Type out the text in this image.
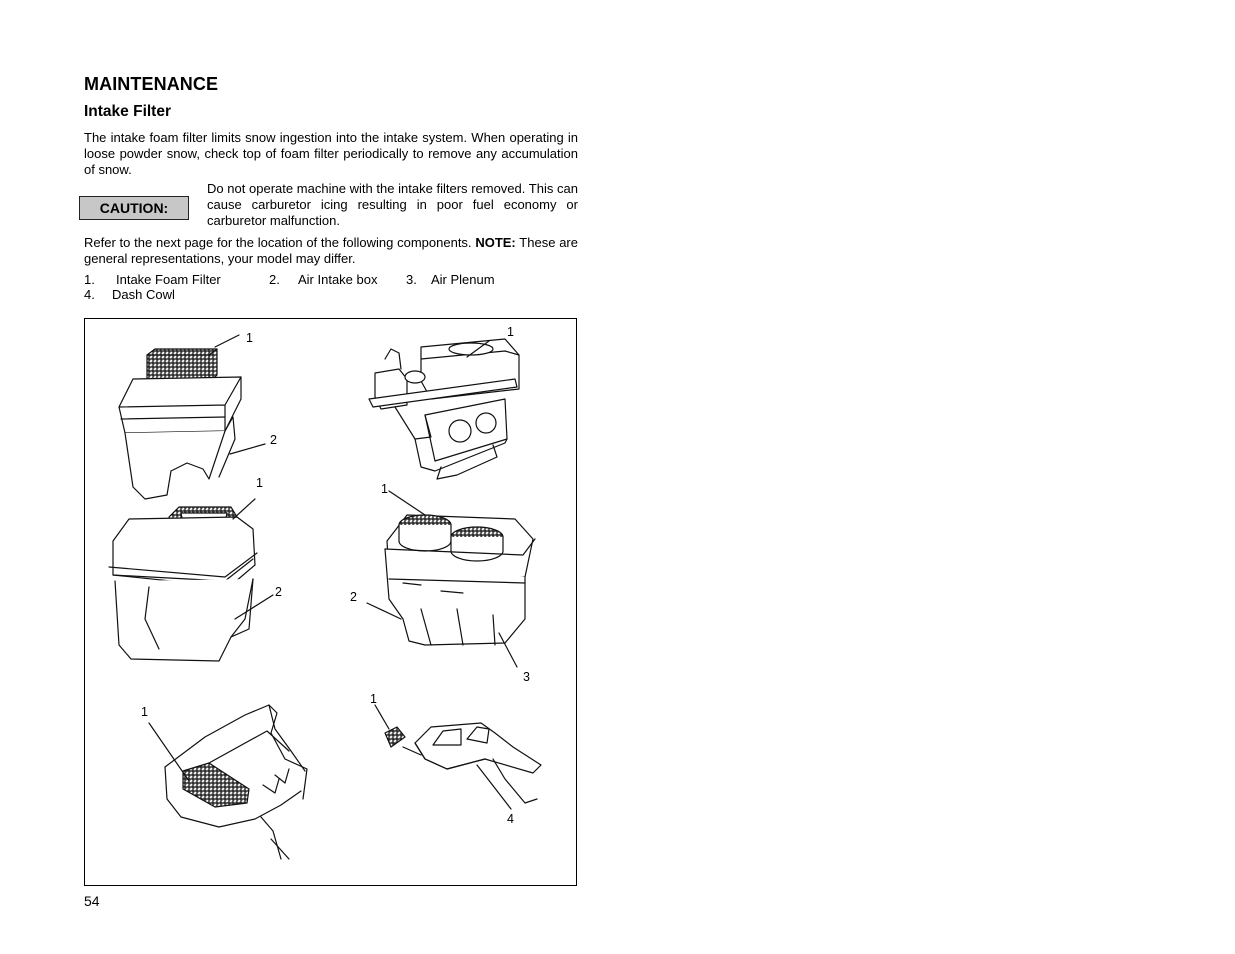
MAINTENANCE
Intake Filter
The intake foam filter limits snow ingestion into the intake system. When operating in loose powder snow, check top of foam filter periodically to remove any accumulation of snow.
CAUTION:
Do not operate machine with the intake filters removed. This can cause carburetor icing resulting in poor fuel economy or carburetor malfunction.
Refer to the next page for the location of the following components. NOTE: These are general representations, your model may differ.
1. Intake Foam Filter	2. Air Intake box 3. Air Plenum
4. Dash Cowl
1
2
1
2
1
1
2
3
1
1
4
54
